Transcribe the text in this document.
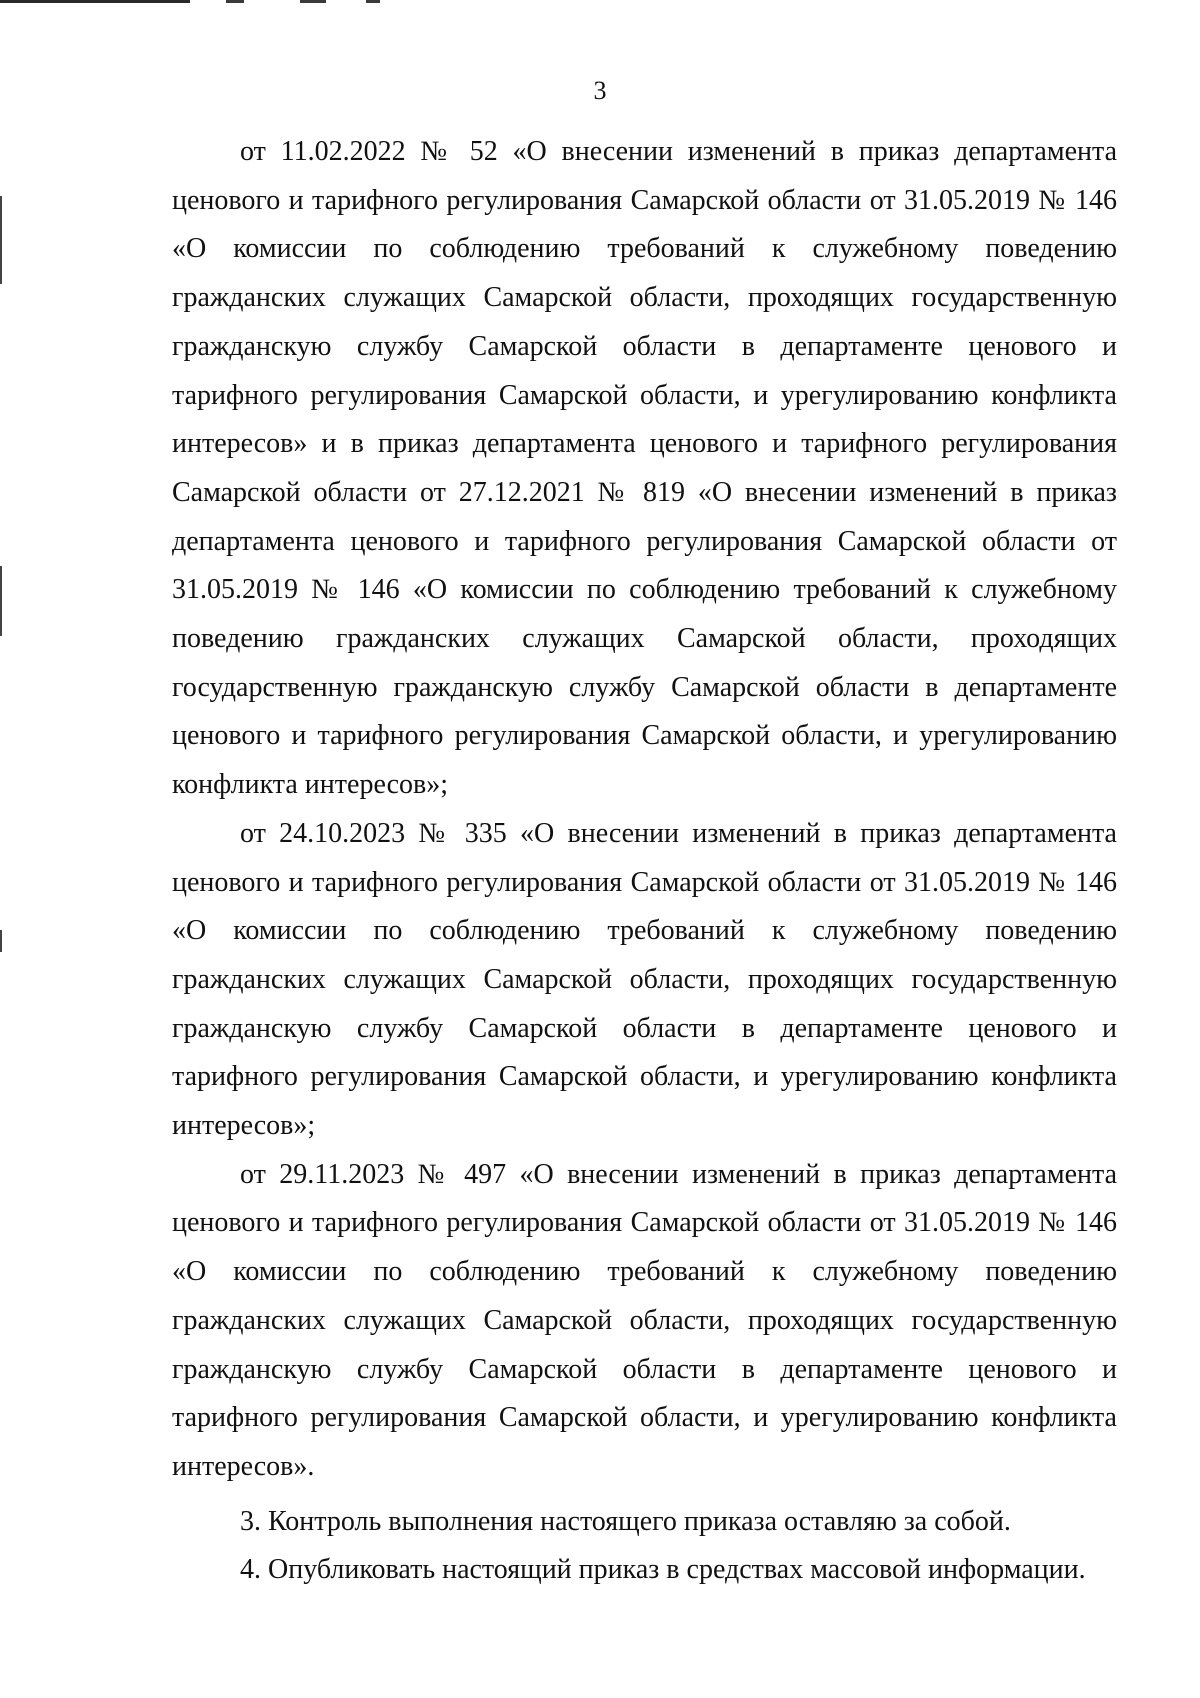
3

от 11.02.2022 № 52 «О внесении изменений в приказ департамента ценового и тарифного регулирования Самарской области от 31.05.2019 № 146 «О комиссии по соблюдению требований к служебному поведению гражданских служащих Самарской области, проходящих государственную гражданскую службу Самарской области в департаменте ценового и тарифного регулирования Самарской области, и урегулированию конфликта интересов» и в приказ департамента ценового и тарифного регулирования Самарской области от 27.12.2021 № 819 «О внесении изменений в приказ департамента ценового и тарифного регулирования Самарской области от 31.05.2019 № 146 «О комиссии по соблюдению требований к служебному поведению гражданских служащих Самарской области, проходящих государственную гражданскую службу Самарской области в департаменте ценового и тарифного регулирования Самарской области, и урегулированию конфликта интересов»;

от 24.10.2023 № 335 «О внесении изменений в приказ департамента ценового и тарифного регулирования Самарской области от 31.05.2019 № 146 «О комиссии по соблюдению требований к служебному поведению гражданских служащих Самарской области, проходящих государственную гражданскую службу Самарской области в департаменте ценового и тарифного регулирования Самарской области, и урегулированию конфликта интересов»;

от 29.11.2023 № 497 «О внесении изменений в приказ департамента ценового и тарифного регулирования Самарской области от 31.05.2019 № 146 «О комиссии по соблюдению требований к служебному поведению гражданских служащих Самарской области, проходящих государственную гражданскую службу Самарской области в департаменте ценового и тарифного регулирования Самарской области, и урегулированию конфликта интересов».

3. Контроль выполнения настоящего приказа оставляю за собой.

4. Опубликовать настоящий приказ в средствах массовой информации.
